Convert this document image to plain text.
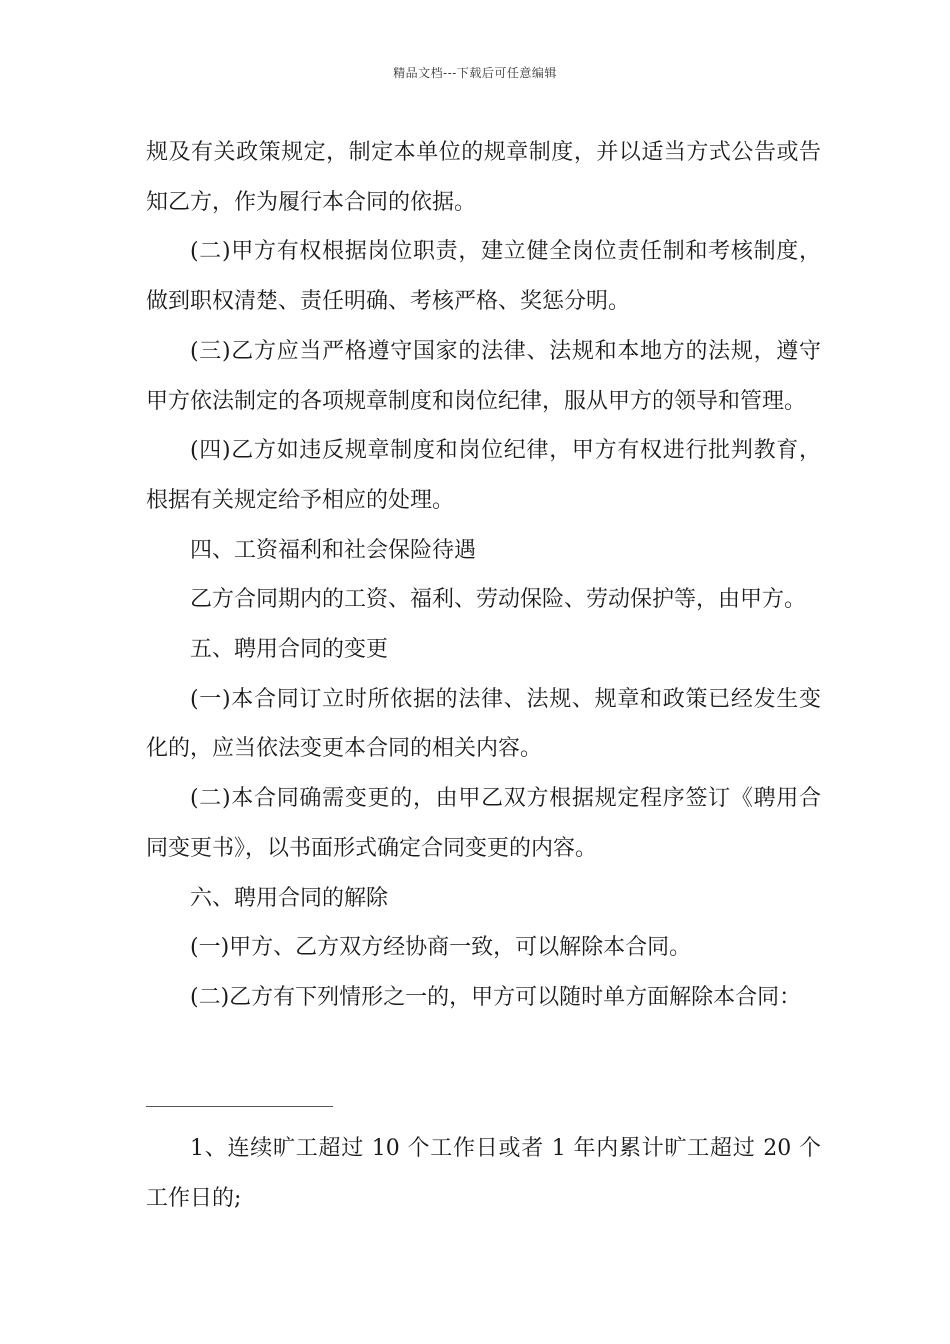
精品文档---下载后可任意编辑

规及有关政策规定，制定本单位的规章制度，并以适当方式公告或告知乙方，作为履行本合同的依据。

(二)甲方有权根据岗位职责，建立健全岗位责任制和考核制度，做到职权清楚、责任明确、考核严格、奖惩分明。

(三)乙方应当严格遵守国家的法律、法规和本地方的法规，遵守甲方依法制定的各项规章制度和岗位纪律，服从甲方的领导和管理。

(四)乙方如违反规章制度和岗位纪律，甲方有权进行批判教育，根据有关规定给予相应的处理。

四、工资福利和社会保险待遇

乙方合同期内的工资、福利、劳动保险、劳动保护等，由甲方。

五、聘用合同的变更

(一)本合同订立时所依据的法律、法规、规章和政策已经发生变化的，应当依法变更本合同的相关内容。

(二)本合同确需变更的，由甲乙双方根据规定程序签订《聘用合同变更书》，以书面形式确定合同变更的内容。

六、聘用合同的解除

(一)甲方、乙方双方经协商一致，可以解除本合同。

(二)乙方有下列情形之一的，甲方可以随时单方面解除本合同：

1、连续旷工超过 10 个工作日或者 1 年内累计旷工超过 20 个工作日的;
